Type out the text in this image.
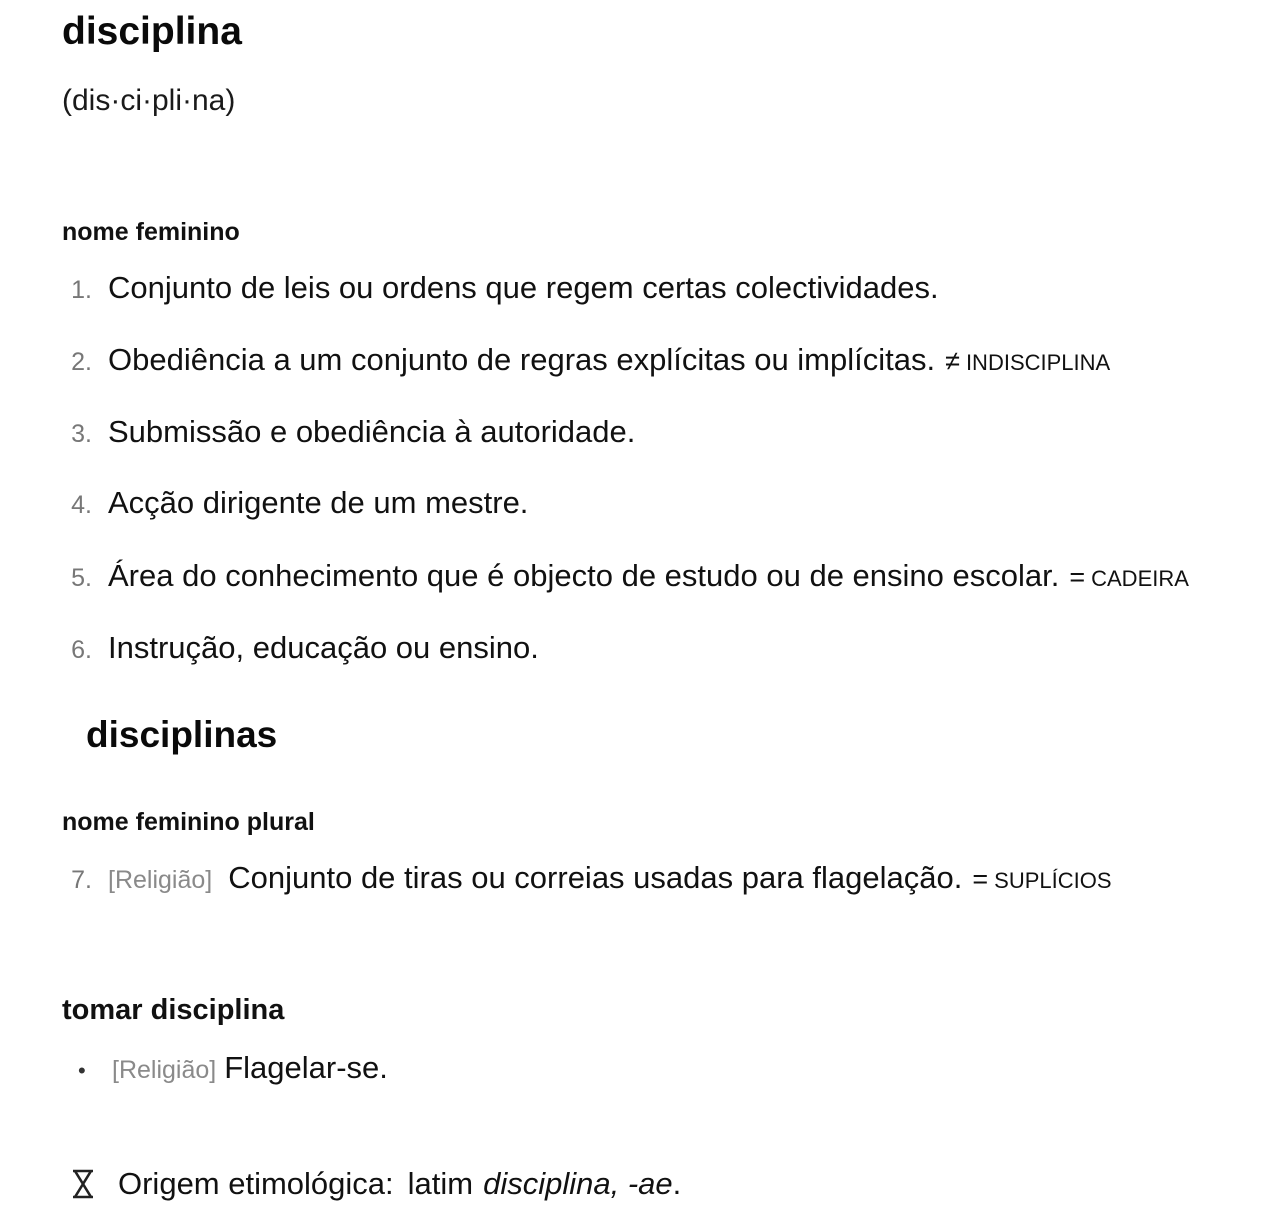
disciplina
(dis·ci·pli·na)
nome feminino
1. Conjunto de leis ou ordens que regem certas colectividades.
2. Obediência a um conjunto de regras explícitas ou implícitas. ≠ INDISCIPLINA
3. Submissão e obediência à autoridade.
4. Acção dirigente de um mestre.
5. Área do conhecimento que é objecto de estudo ou de ensino escolar. = CADEIRA
6. Instrução, educação ou ensino.
disciplinas
nome feminino plural
7. [Religião] Conjunto de tiras ou correias usadas para flagelação. = SUPLÍCIOS
tomar disciplina
•	[Religião] Flagelar-se.
Origem etimológica: latim disciplina, -ae .
